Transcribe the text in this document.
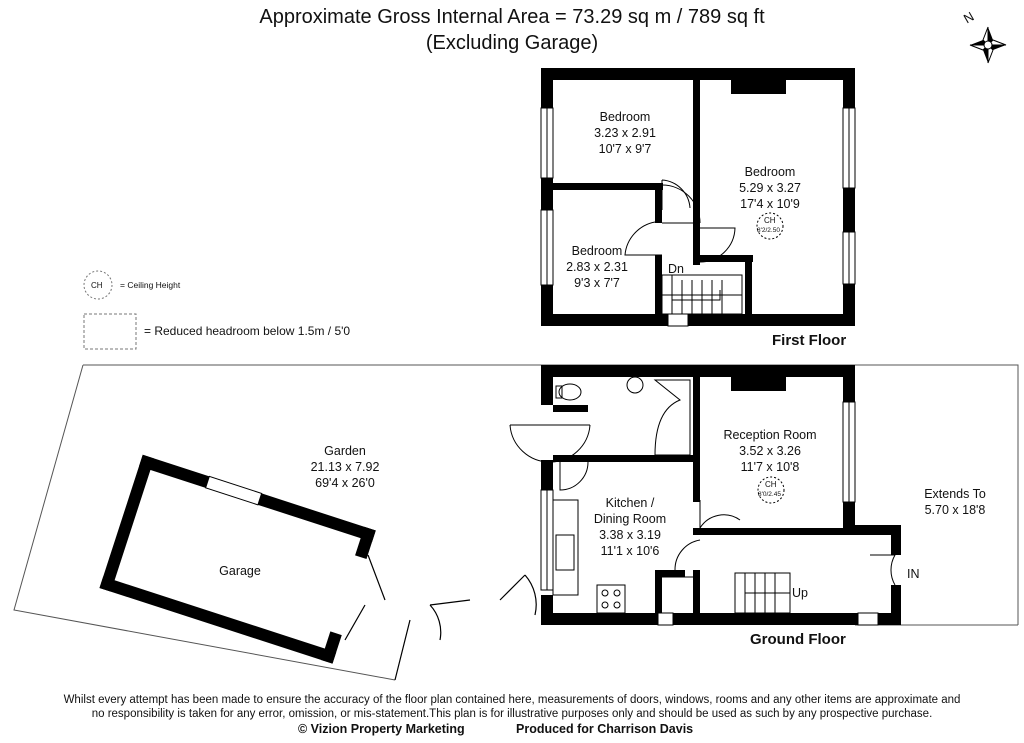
Approximate Gross Internal Area = 73.29 sq m / 789 sq ft
(Excluding Garage)
N
CH = Ceiling Height
= Reduced headroom below 1.5m / 5'0
Bedroom
3.23 x 2.91
10'7 x 9'7
Bedroom
5.29 x 3.27
17'4 x 10'9
CH
8'2/2.50
Bedroom
2.83 x 2.31
9'3 x 7'7
Dn
First Floor
Garden
21.13 x 7.92
69'4 x 26'0
Garage
Kitchen /
Dining Room
3.38 x 3.19
11'1 x 10'6
Reception Room
3.52 x 3.26
11'7 x 10'8
CH
8'0/2.45	Extends To
5.70 x 18'8
Up
IN
Ground Floor
Whilst every attempt has been made to ensure the accuracy of the floor plan contained here, measurements of doors, windows, rooms and any other items are approximate and
no responsibility is taken for any error, omission, or mis-statement.This plan is for illustrative purposes only and should be used as such by any prospective purchase.
© Vizion Property Marketing	Produced for Charrison Davis
